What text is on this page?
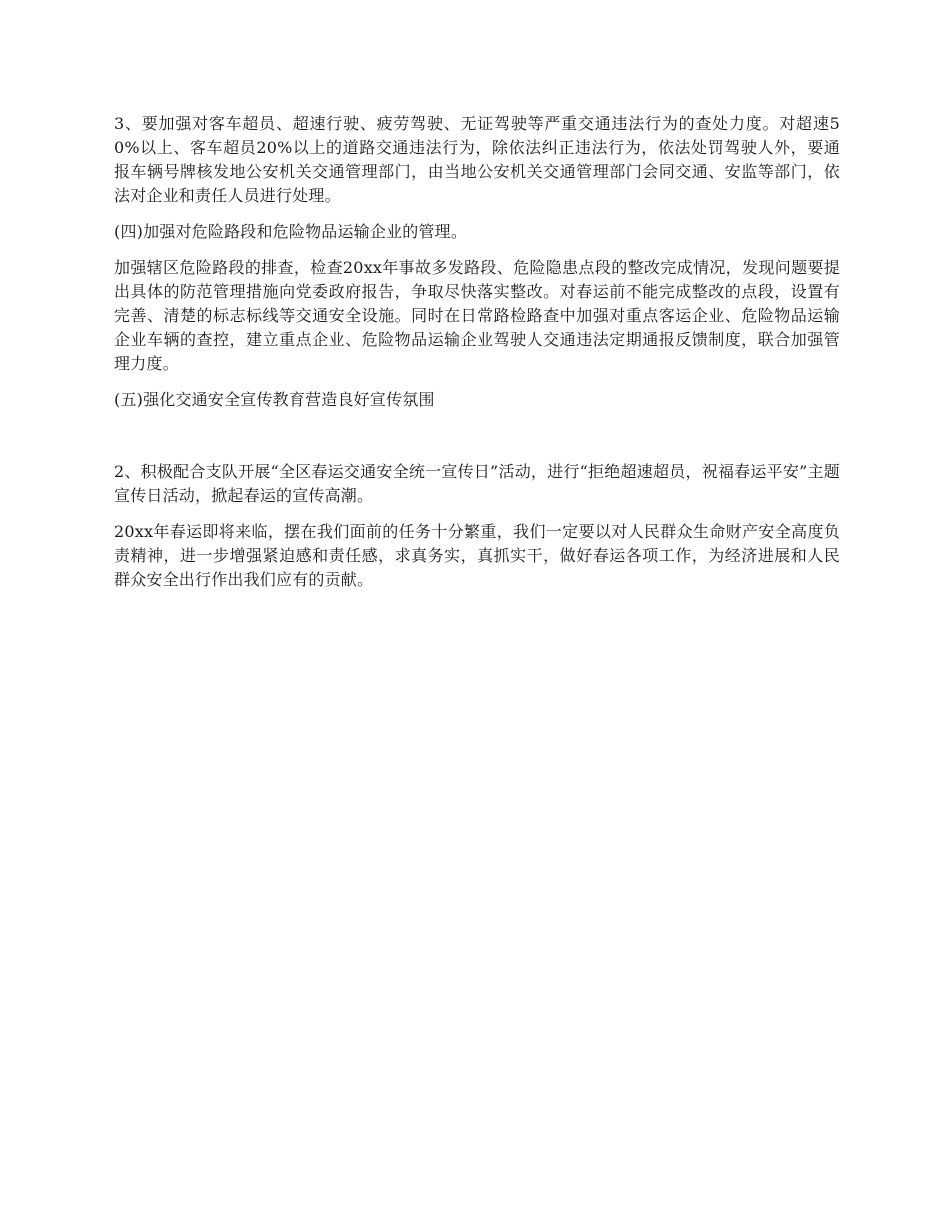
3、要加强对客车超员、超速行驶、疲劳驾驶、无证驾驶等严重交通违法行为的查处力度。对超速50%以上、客车超员20%以上的道路交通违法行为，除依法纠正违法行为，依法处罚驾驶人外，要通报车辆号牌核发地公安机关交通管理部门，由当地公安机关交通管理部门会同交通、安监等部门，依法对企业和责任人员进行处理。

(四)加强对危险路段和危险物品运输企业的管理。

加强辖区危险路段的排查，检查20xx年事故多发路段、危险隐患点段的整改完成情况，发现问题要提出具体的防范管理措施向党委政府报告，争取尽快落实整改。对春运前不能完成整改的点段，设置有完善、清楚的标志标线等交通安全设施。同时在日常路检路查中加强对重点客运企业、危险物品运输企业车辆的查控，建立重点企业、危险物品运输企业驾驶人交通违法定期通报反馈制度，联合加强管理力度。

(五)强化交通安全宣传教育营造良好宣传氛围

2、积极配合支队开展“全区春运交通安全统一宣传日”活动，进行“拒绝超速超员，祝福春运平安”主题宣传日活动，掀起春运的宣传高潮。

20xx年春运即将来临，摆在我们面前的任务十分繁重，我们一定要以对人民群众生命财产安全高度负责精神，进一步增强紧迫感和责任感，求真务实，真抓实干，做好春运各项工作，为经济进展和人民群众安全出行作出我们应有的贡献。
